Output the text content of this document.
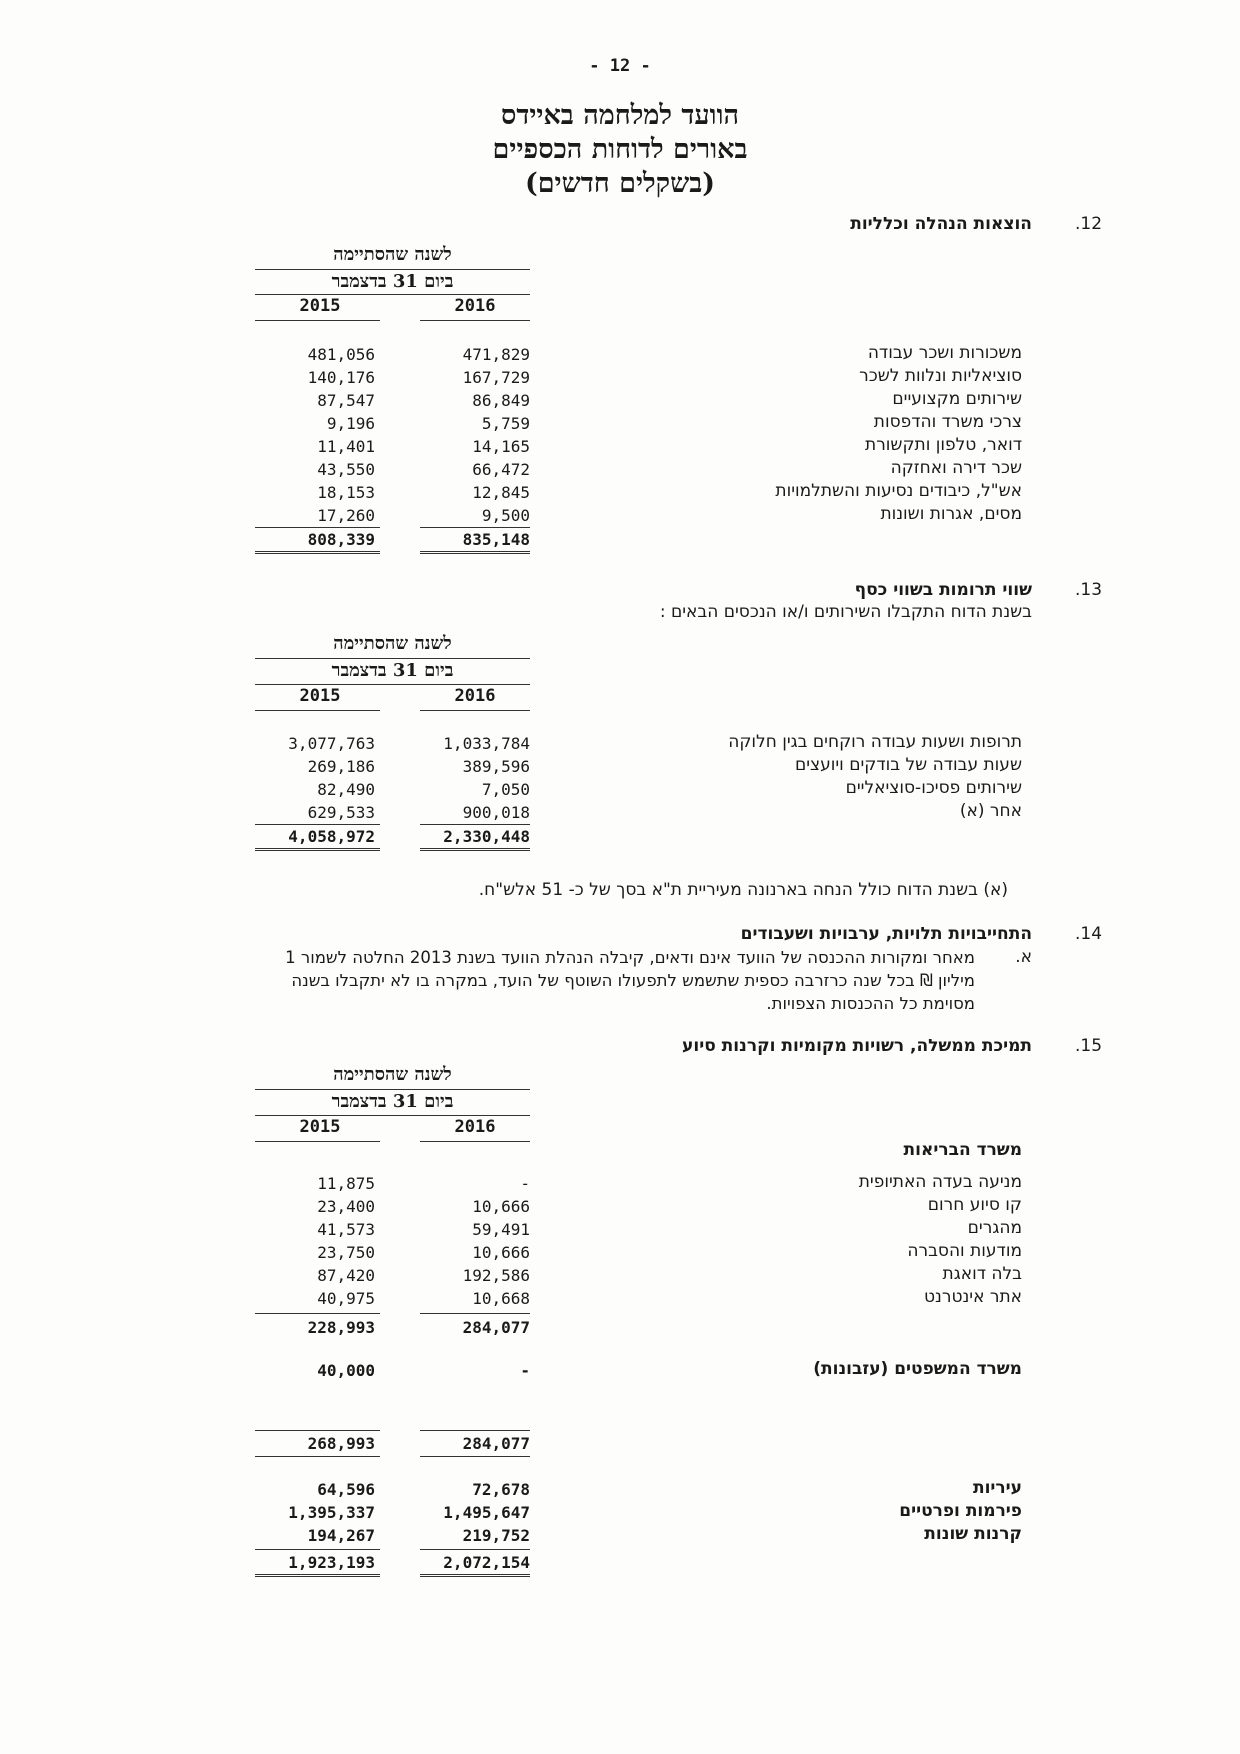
- 12 -
הוועד למלחמה באיידס
באורים לדוחות הכספיים
(בשקלים חדשים)
.12
הוצאות הנהלה וכלליות
לשנה שהסתיימה
ביום 31 בדצמבר
2016
2015
משכורות ושכר עבודה
471,829
481,056
סוציאליות ונלוות לשכר
167,729
140,176
שירותים מקצועיים
86,849
87,547
צרכי משרד והדפסות
5,759
9,196
דואר, טלפון ותקשורת
14,165
11,401
שכר דירה ואחזקה
66,472
43,550
אש"ל, כיבודים נסיעות והשתלמויות
12,845
18,153
מסים, אגרות ושונות
9,500
17,260
835,148
808,339
.13
שווי תרומות בשווי כסף
בשנת הדוח התקבלו השירותים ו/או הנכסים הבאים :
לשנה שהסתיימה
ביום 31 בדצמבר
2016
2015
תרופות ושעות עבודה רוקחים בגין חלוקה
1,033,784
3,077,763
שעות עבודה של בודקים ויועצים
389,596
269,186
שירותים פסיכו-סוציאליים
7,050
82,490
אחר (א)
900,018
629,533
2,330,448
4,058,972
(א) בשנת הדוח כולל הנחה בארנונה מעיריית ת"א בסך של כ- 51 אלש"ח.
.14
התחייבויות תלויות, ערבויות ושעבודים
א.
מאחר ומקורות ההכנסה של הוועד אינם ודאים, קיבלה הנהלת הוועד בשנת 2013 החלטה לשמור 1
מיליון ₪ בכל שנה כרזרבה כספית שתשמש לתפעולו השוטף של הועד, במקרה בו לא יתקבלו בשנה
מסוימת כל ההכנסות הצפויות.
.15
תמיכת ממשלה, רשויות מקומיות וקרנות סיוע
לשנה שהסתיימה
ביום 31 בדצמבר
2016
2015
משרד הבריאות
מניעה בעדה האתיופית
-
11,875
קו סיוע חרום
10,666
23,400
מהגרים
59,491
41,573
מודעות והסברה
10,666
23,750
בלה דואגת
192,586
87,420
אתר אינטרנט
10,668
40,975
284,077
228,993
משרד המשפטים (עזבונות)
-
40,000
284,077
268,993
עיריות
72,678
64,596
פירמות ופרטיים
1,495,647
1,395,337
קרנות שונות
219,752
194,267
2,072,154
1,923,193
